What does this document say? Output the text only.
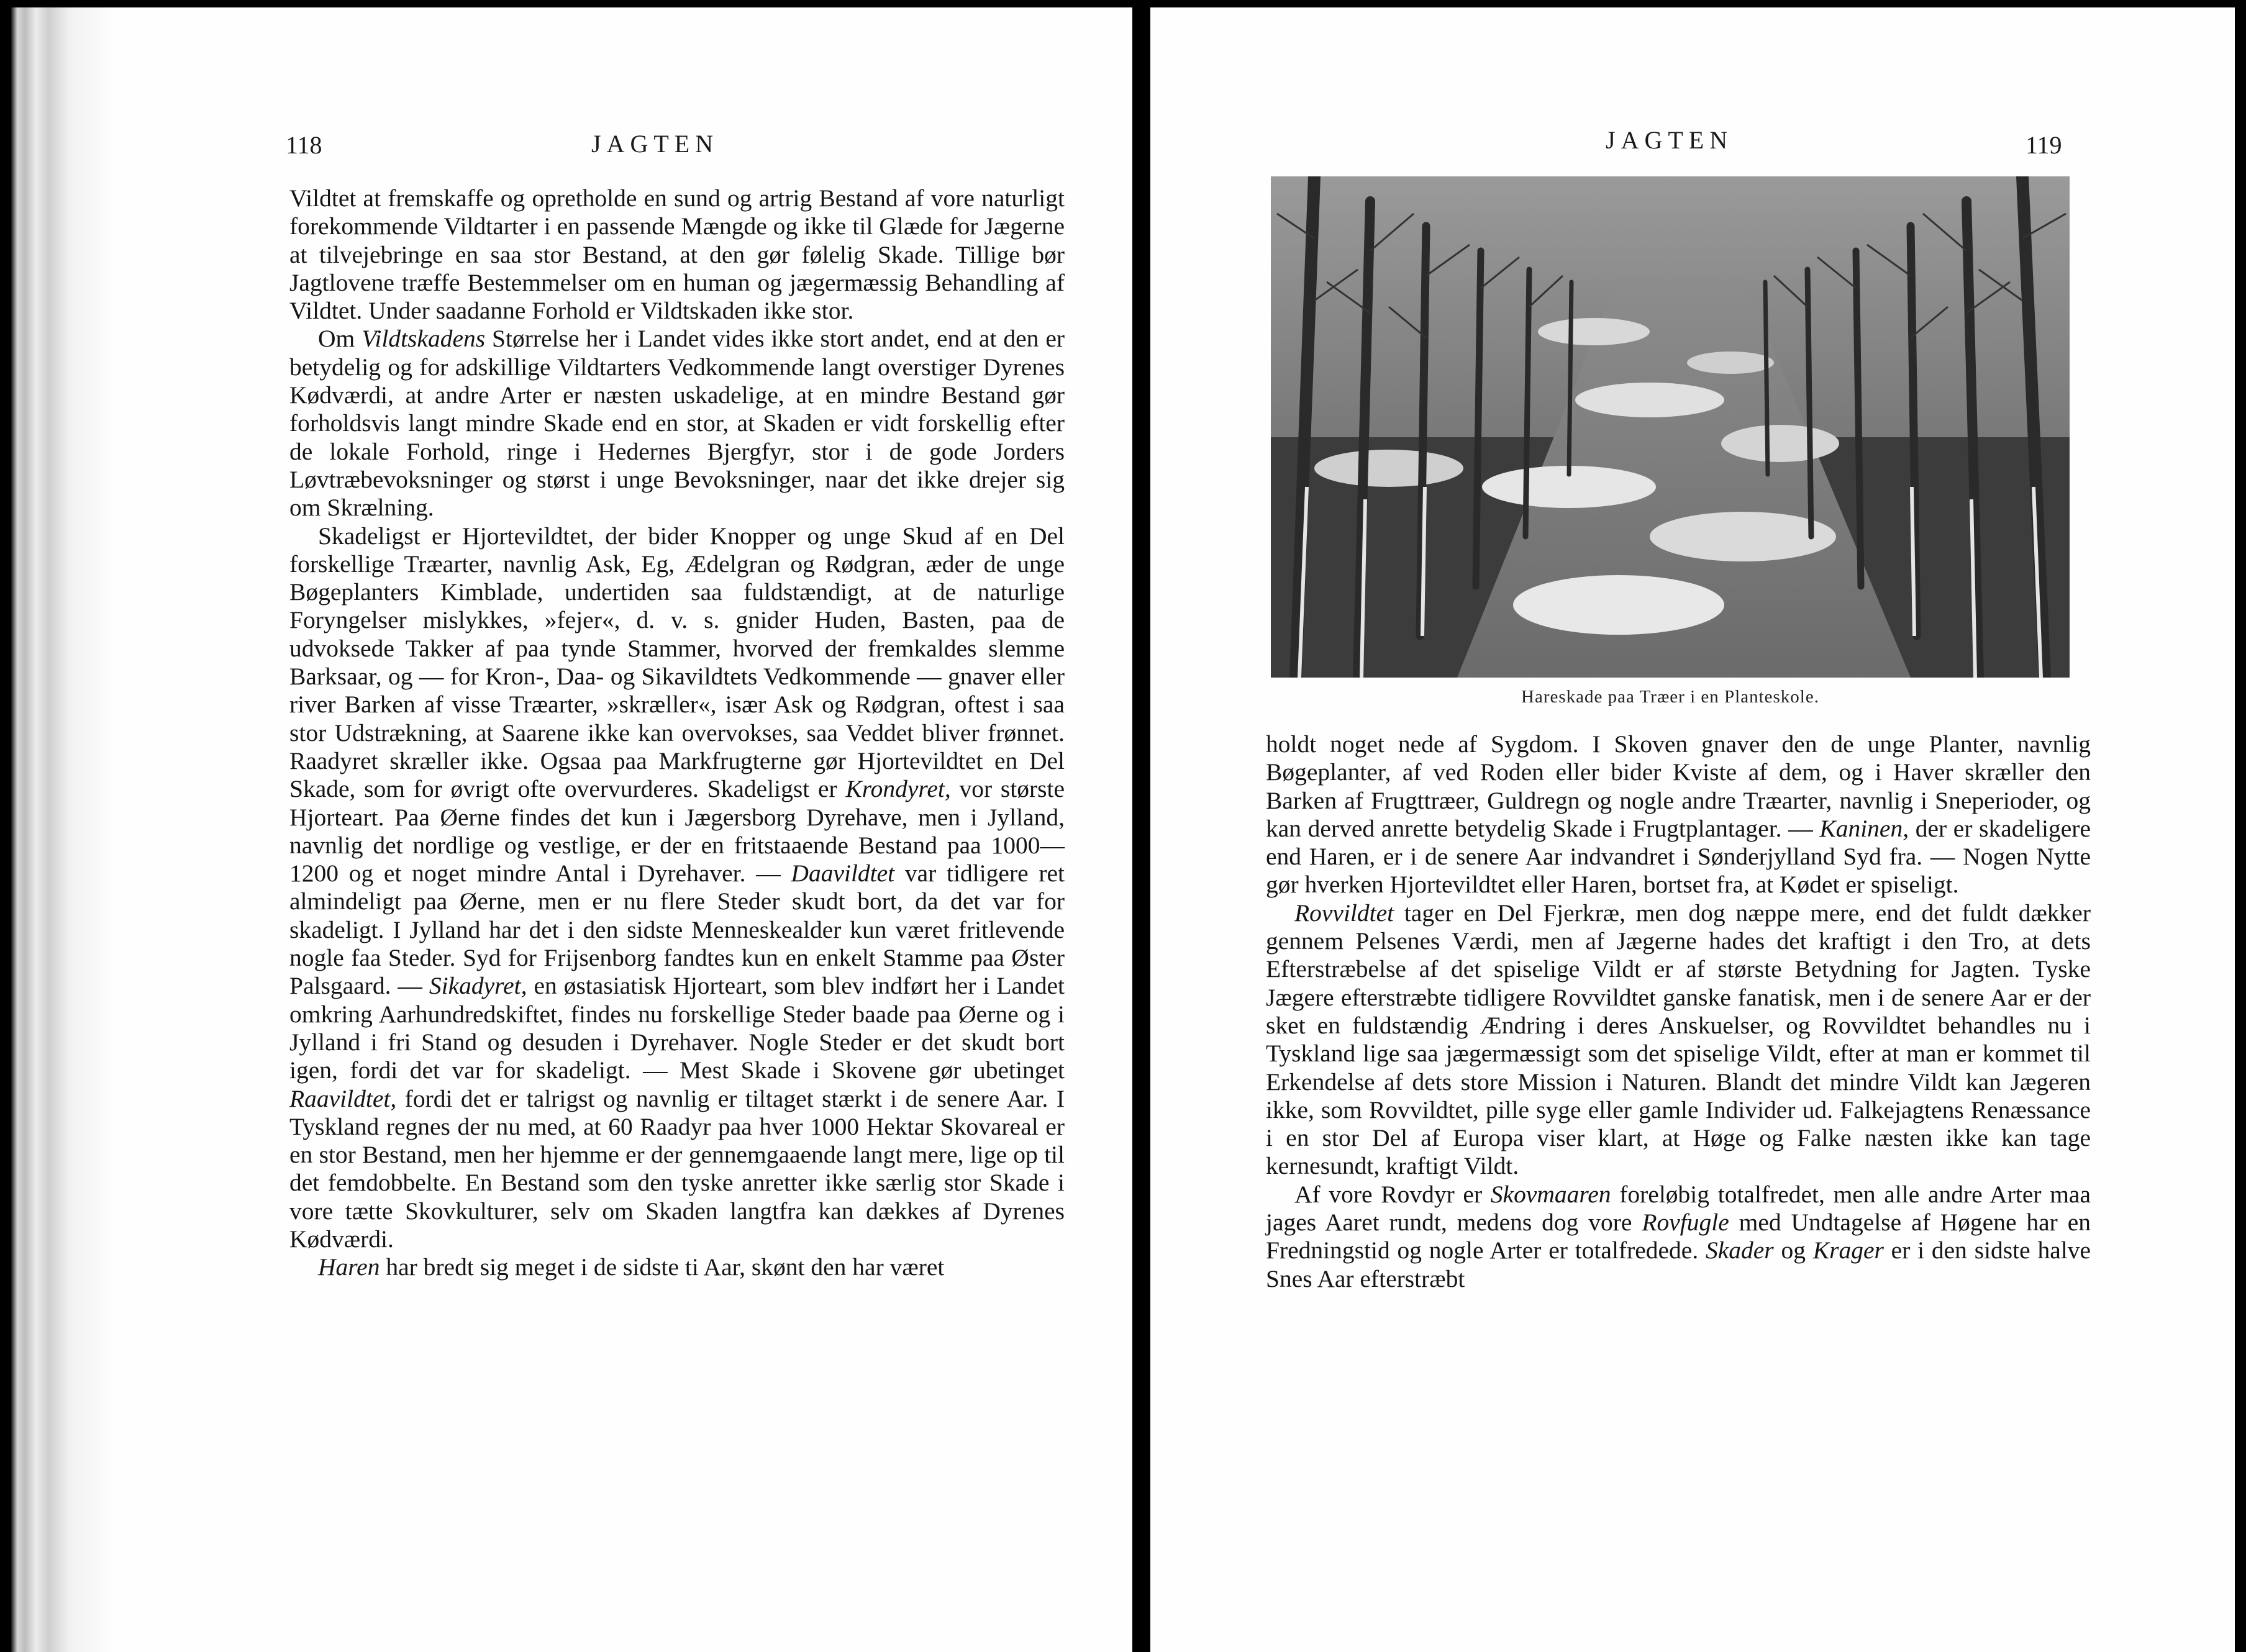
118	JAGTEN

Vildtet at fremskaffe og opretholde en sund og artrig Bestand af vore naturligt forekommende Vildtarter i en passende Mængde og ikke til Glæde for Jægerne at tilvejebringe en saa stor Bestand, at den gør følelig Skade. Tillige bør Jagtlovene træffe Bestemmelser om en human og jægermæssig Behandling af Vildtet. Under saadanne Forhold er Vildtskaden ikke stor.

Om Vildtskadens Størrelse her i Landet vides ikke stort andet, end at den er betydelig og for adskillige Vildtarters Vedkommende langt overstiger Dyrenes Kødværdi, at andre Arter er næsten uskadelige, at en mindre Bestand gør forholdsvis langt mindre Skade end en stor, at Skaden er vidt forskellig efter de lokale Forhold, ringe i Hedernes Bjergfyr, stor i de gode Jorders Løvtræbevoksninger og størst i unge Bevoksninger, naar det ikke drejer sig om Skrælning.

Skadeligst er Hjortevildtet, der bider Knopper og unge Skud af en Del forskellige Træarter, navnlig Ask, Eg, Ædelgran og Rødgran, æder de unge Bøgeplanters Kimblade, undertiden saa fuldstændigt, at de naturlige Foryngelser mislykkes, »fejer«, d. v. s. gnider Huden, Basten, paa de udvoksede Takker af paa tynde Stammer, hvorved der fremkaldes slemme Barksaar, og — for Kron-, Daa- og Sikavildtets Vedkommende — gnaver eller river Barken af visse Træarter, »skræller«, især Ask og Rødgran, oftest i saa stor Udstrækning, at Saarene ikke kan overvokses, saa Veddet bliver frønnet. Raadyret skræller ikke. Ogsaa paa Markfrugterne gør Hjortevildtet en Del Skade, som for øvrigt ofte overvurderes. Skadeligst er Krondyret, vor største Hjorteart. Paa Øerne findes det kun i Jægersborg Dyrehave, men i Jylland, navnlig det nordlige og vestlige, er der en fritstaaende Bestand paa 1000—1200 og et noget mindre Antal i Dyrehaver. — Daavildtet var tidligere ret almindeligt paa Øerne, men er nu flere Steder skudt bort, da det var for skadeligt. I Jylland har det i den sidste Menneskealder kun været fritlevende nogle faa Steder. Syd for Frijsenborg fandtes kun en enkelt Stamme paa Øster Palsgaard. — Sikadyret, en østasiatisk Hjorteart, som blev indført her i Landet omkring Aarhundredskiftet, findes nu forskellige Steder baade paa Øerne og i Jylland i fri Stand og desuden i Dyrehaver. Nogle Steder er det skudt bort igen, fordi det var for skadeligt. — Mest Skade i Skovene gør ubetinget Raavildtet, fordi det er talrigst og navnlig er tiltaget stærkt i de senere Aar. I Tyskland regnes der nu med, at 60 Raadyr paa hver 1000 Hektar Skovareal er en stor Bestand, men her hjemme er der gennemgaaende langt mere, lige op til det femdobbelte. En Bestand som den tyske anretter ikke særlig stor Skade i vore tætte Skovkulturer, selv om Skaden langtfra kan dækkes af Dyrenes Kødværdi.

Haren har bredt sig meget i de sidste ti Aar, skønt den har været

JAGTEN	119
Hareskade paa Træer i en Planteskole.

holdt noget nede af Sygdom. I Skoven gnaver den de unge Planter, navnlig Bøgeplanter, af ved Roden eller bider Kviste af dem, og i Haver skræller den Barken af Frugttræer, Guldregn og nogle andre Træarter, navnlig i Sneperioder, og kan derved anrette betydelig Skade i Frugtplantager. — Kaninen, der er skadeligere end Haren, er i de senere Aar indvandret i Sønderjylland Syd fra. — Nogen Nytte gør hverken Hjortevildtet eller Haren, bortset fra, at Kødet er spiseligt.

Rovvildtet tager en Del Fjerkræ, men dog næppe mere, end det fuldt dækker gennem Pelsenes Værdi, men af Jægerne hades det kraftigt i den Tro, at dets Efterstræbelse af det spiselige Vildt er af største Betydning for Jagten. Tyske Jægere efterstræbte tidligere Rovvildtet ganske fanatisk, men i de senere Aar er der sket en fuldstændig Ændring i deres Anskuelser, og Rovvildtet behandles nu i Tyskland lige saa jægermæssigt som det spiselige Vildt, efter at man er kommet til Erkendelse af dets store Mission i Naturen. Blandt det mindre Vildt kan Jægeren ikke, som Rovvildtet, pille syge eller gamle Individer ud. Falkejagtens Renæssance i en stor Del af Europa viser klart, at Høge og Falke næsten ikke kan tage kernesundt, kraftigt Vildt.

Af vore Rovdyr er Skovmaaren foreløbig totalfredet, men alle andre Arter maa jages Aaret rundt, medens dog vore Rovfugle med Undtagelse af Høgene har en Fredningstid og nogle Arter er totalfredede. Skader og Krager er i den sidste halve Snes Aar efterstræbt
